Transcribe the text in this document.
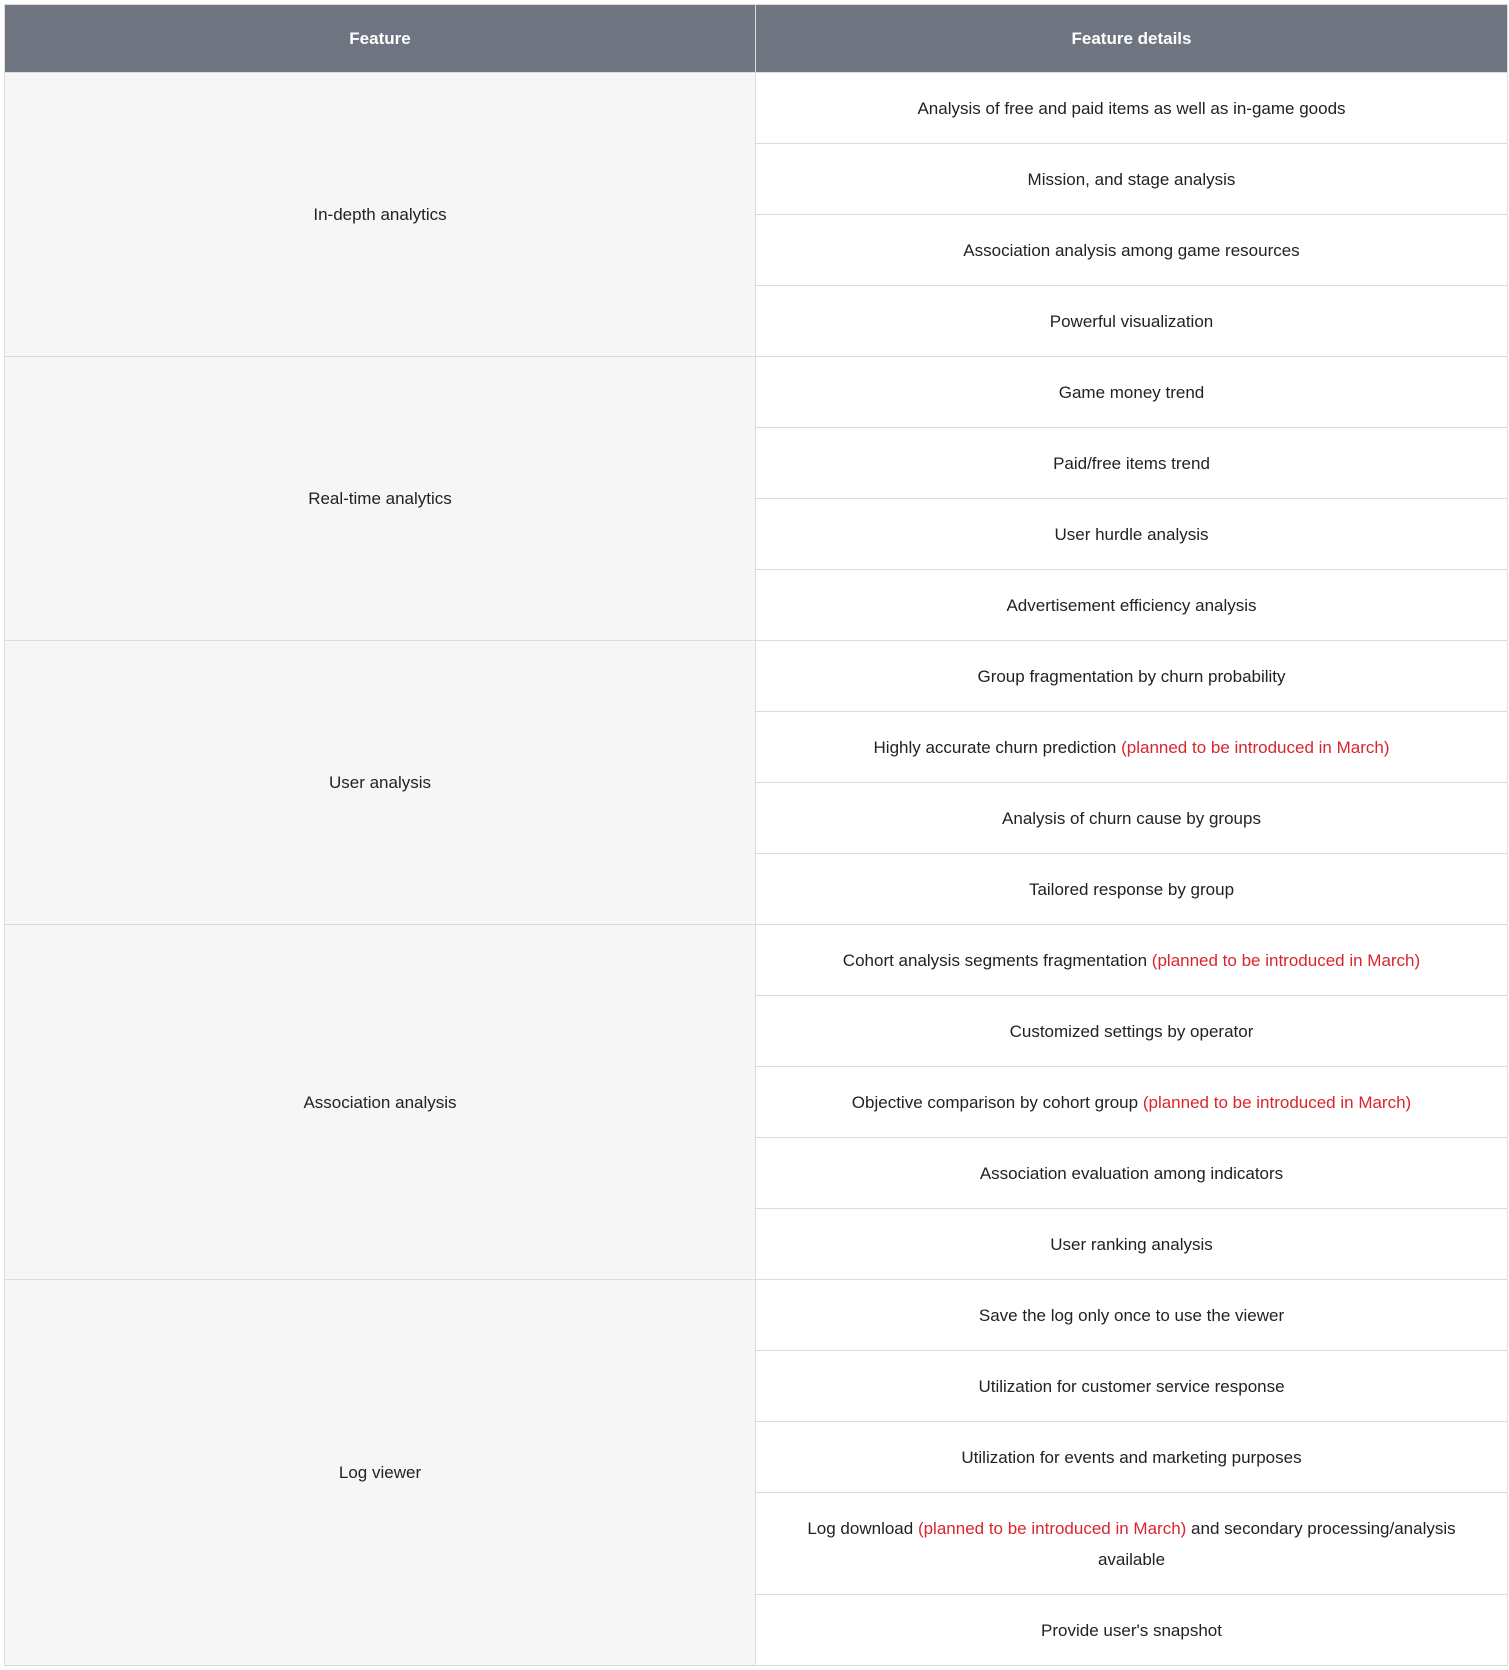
Feature	Feature details
In-depth analytics	Analysis of free and paid items as well as in-game goods
	Mission, and stage analysis
	Association analysis among game resources
	Powerful visualization
Real-time analytics	Game money trend
	Paid/free items trend
	User hurdle analysis
	Advertisement efficiency analysis
User analysis	Group fragmentation by churn probability
	Highly accurate churn prediction (planned to be introduced in March)
	Analysis of churn cause by groups
	Tailored response by group
Association analysis	Cohort analysis segments fragmentation (planned to be introduced in March)
	Customized settings by operator
	Objective comparison by cohort group (planned to be introduced in March)
	Association evaluation among indicators
	User ranking analysis
Log viewer	Save the log only once to use the viewer
	Utilization for customer service response
	Utilization for events and marketing purposes
	Log download (planned to be introduced in March) and secondary processing/analysis available
	Provide user's snapshot
